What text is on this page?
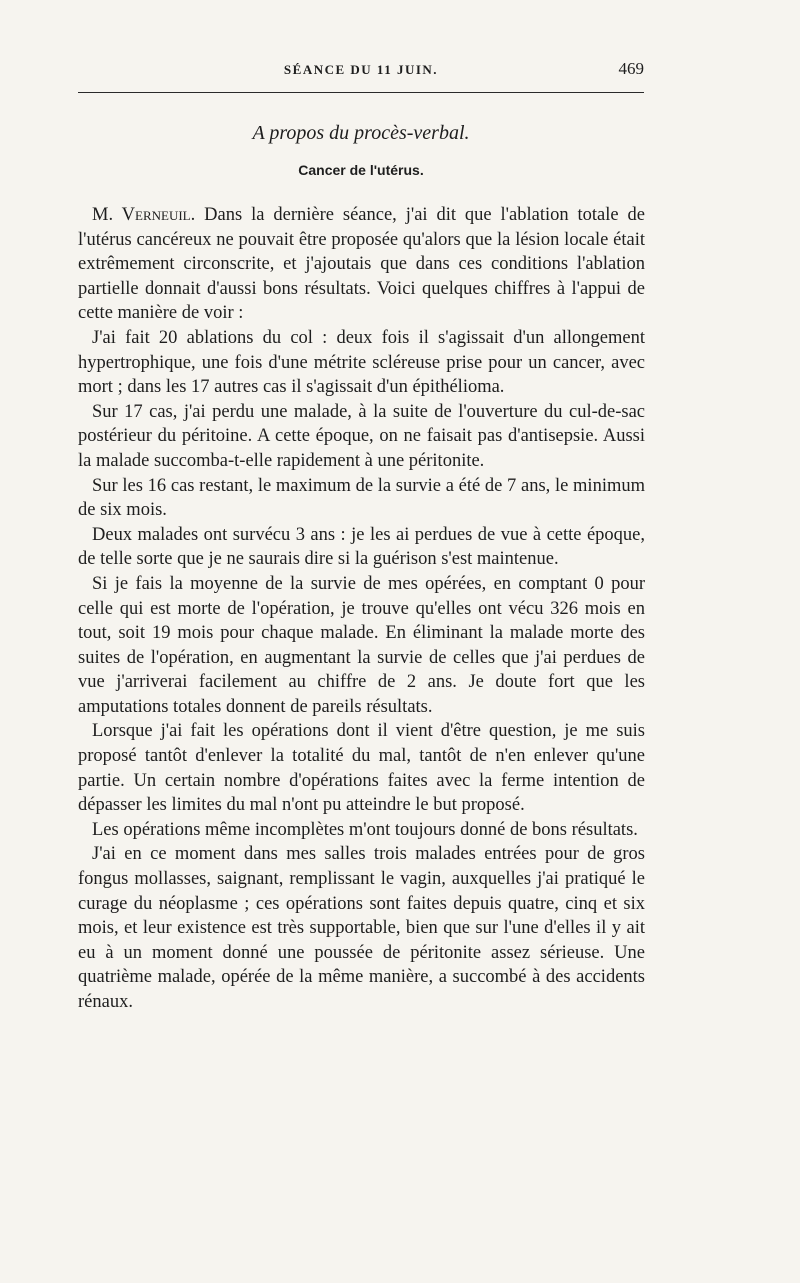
SÉANCE DU 11 JUIN.	469
A propos du procès-verbal.
Cancer de l'utérus.

M. Verneuil. Dans la dernière séance, j'ai dit que l'ablation totale de l'utérus cancéreux ne pouvait être proposée qu'alors que la lésion locale était extrêmement circonscrite, et j'ajoutais que dans ces conditions l'ablation partielle donnait d'aussi bons résultats. Voici quelques chiffres à l'appui de cette manière de voir :

J'ai fait 20 ablations du col : deux fois il s'agissait d'un allongement hypertrophique, une fois d'une métrite scléreuse prise pour un cancer, avec mort ; dans les 17 autres cas il s'agissait d'un épithélioma.

Sur 17 cas, j'ai perdu une malade, à la suite de l'ouverture du cul-de-sac postérieur du péritoine. A cette époque, on ne faisait pas d'antisepsie. Aussi la malade succomba-t-elle rapidement à une péritonite.

Sur les 16 cas restant, le maximum de la survie a été de 7 ans, le minimum de six mois.

Deux malades ont survécu 3 ans : je les ai perdues de vue à cette époque, de telle sorte que je ne saurais dire si la guérison s'est maintenue.

Si je fais la moyenne de la survie de mes opérées, en comptant 0 pour celle qui est morte de l'opération, je trouve qu'elles ont vécu 326 mois en tout, soit 19 mois pour chaque malade. En éliminant la malade morte des suites de l'opération, en augmentant la survie de celles que j'ai perdues de vue j'arriverai facilement au chiffre de 2 ans. Je doute fort que les amputations totales donnent de pareils résultats.

Lorsque j'ai fait les opérations dont il vient d'être question, je me suis proposé tantôt d'enlever la totalité du mal, tantôt de n'en enlever qu'une partie. Un certain nombre d'opérations faites avec la ferme intention de dépasser les limites du mal n'ont pu atteindre le but proposé.

Les opérations même incomplètes m'ont toujours donné de bons résultats.

J'ai en ce moment dans mes salles trois malades entrées pour de gros fongus mollasses, saignant, remplissant le vagin, auxquelles j'ai pratiqué le curage du néoplasme ; ces opérations sont faites depuis quatre, cinq et six mois, et leur existence est très supportable, bien que sur l'une d'elles il y ait eu à un moment donné une poussée de péritonite assez sérieuse. Une quatrième malade, opérée de la même manière, a succombé à des accidents rénaux.
